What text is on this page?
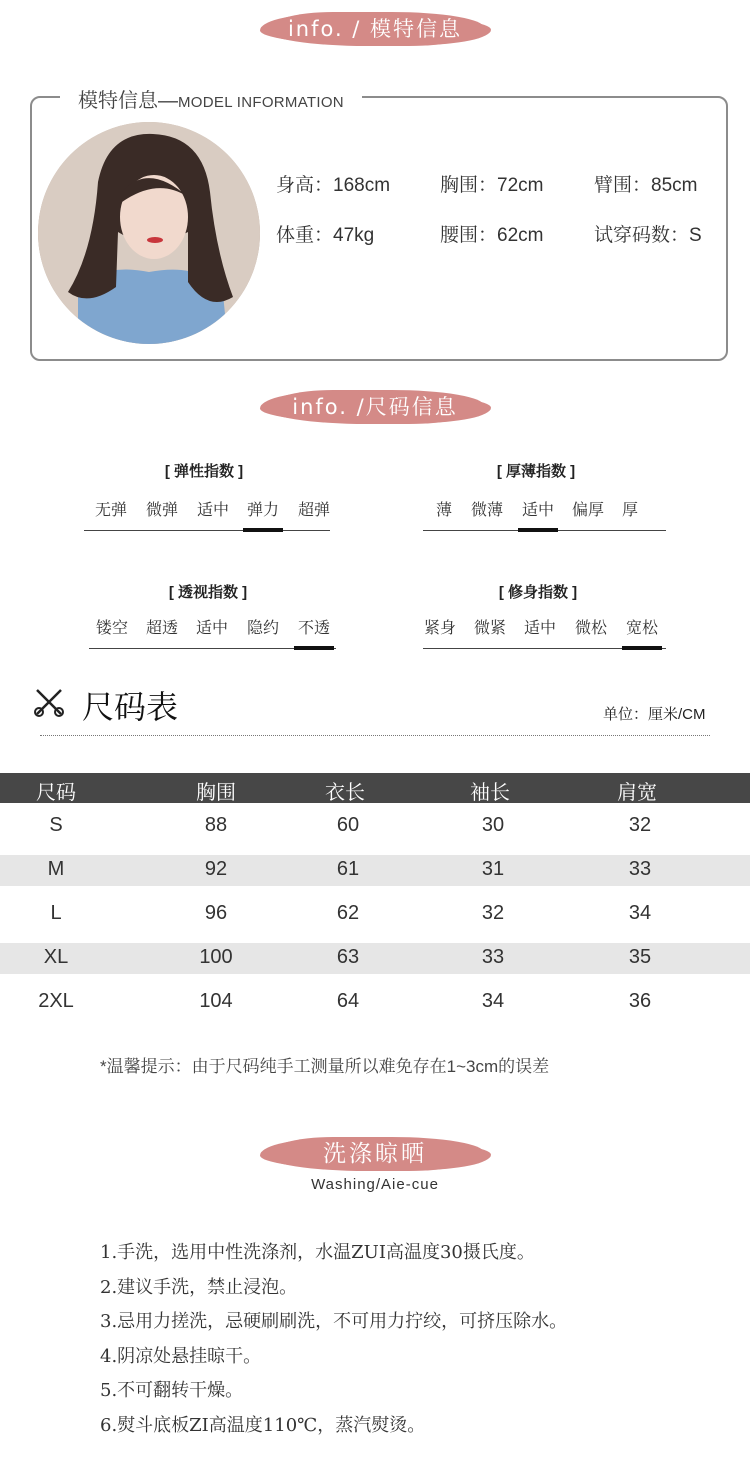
info. / 模特信息
模特信息—MODEL INFORMATION
身高：168cm	胸围：72cm	臂围：85cm
体重：47kg	腰围：62cm	试穿码数：S
info. /尺码信息
[ 弹性指数 ]
无弹 微弹 适中 弹力 超弹
[ 厚薄指数 ]
薄 微薄 适中 偏厚 厚
[ 透视指数 ]
镂空 超透 适中 隐约 不透
[ 修身指数 ]
紧身 微紧 适中 微松 宽松
尺码表	单位：厘米/CM
尺码	胸围	衣长	袖长	肩宽
S	88	60	30	32
M	92	61	31	33
L	96	62	32	34
XL	100	63	33	35
2XL	104	64	34	36
*温馨提示：由于尺码纯手工测量所以难免存在1~3cm的误差
洗涤晾晒
Washing/Aie-cue
1.手洗，选用中性洗涤剂，水温ZUI高温度30摄氏度。
2.建议手洗，禁止浸泡。
3.忌用力搓洗，忌硬刷刷洗，不可用力拧绞，可挤压除水。
4.阴凉处悬挂晾干。
5.不可翻转干燥。
6.熨斗底板ZI高温度110℃，蒸汽熨烫。
